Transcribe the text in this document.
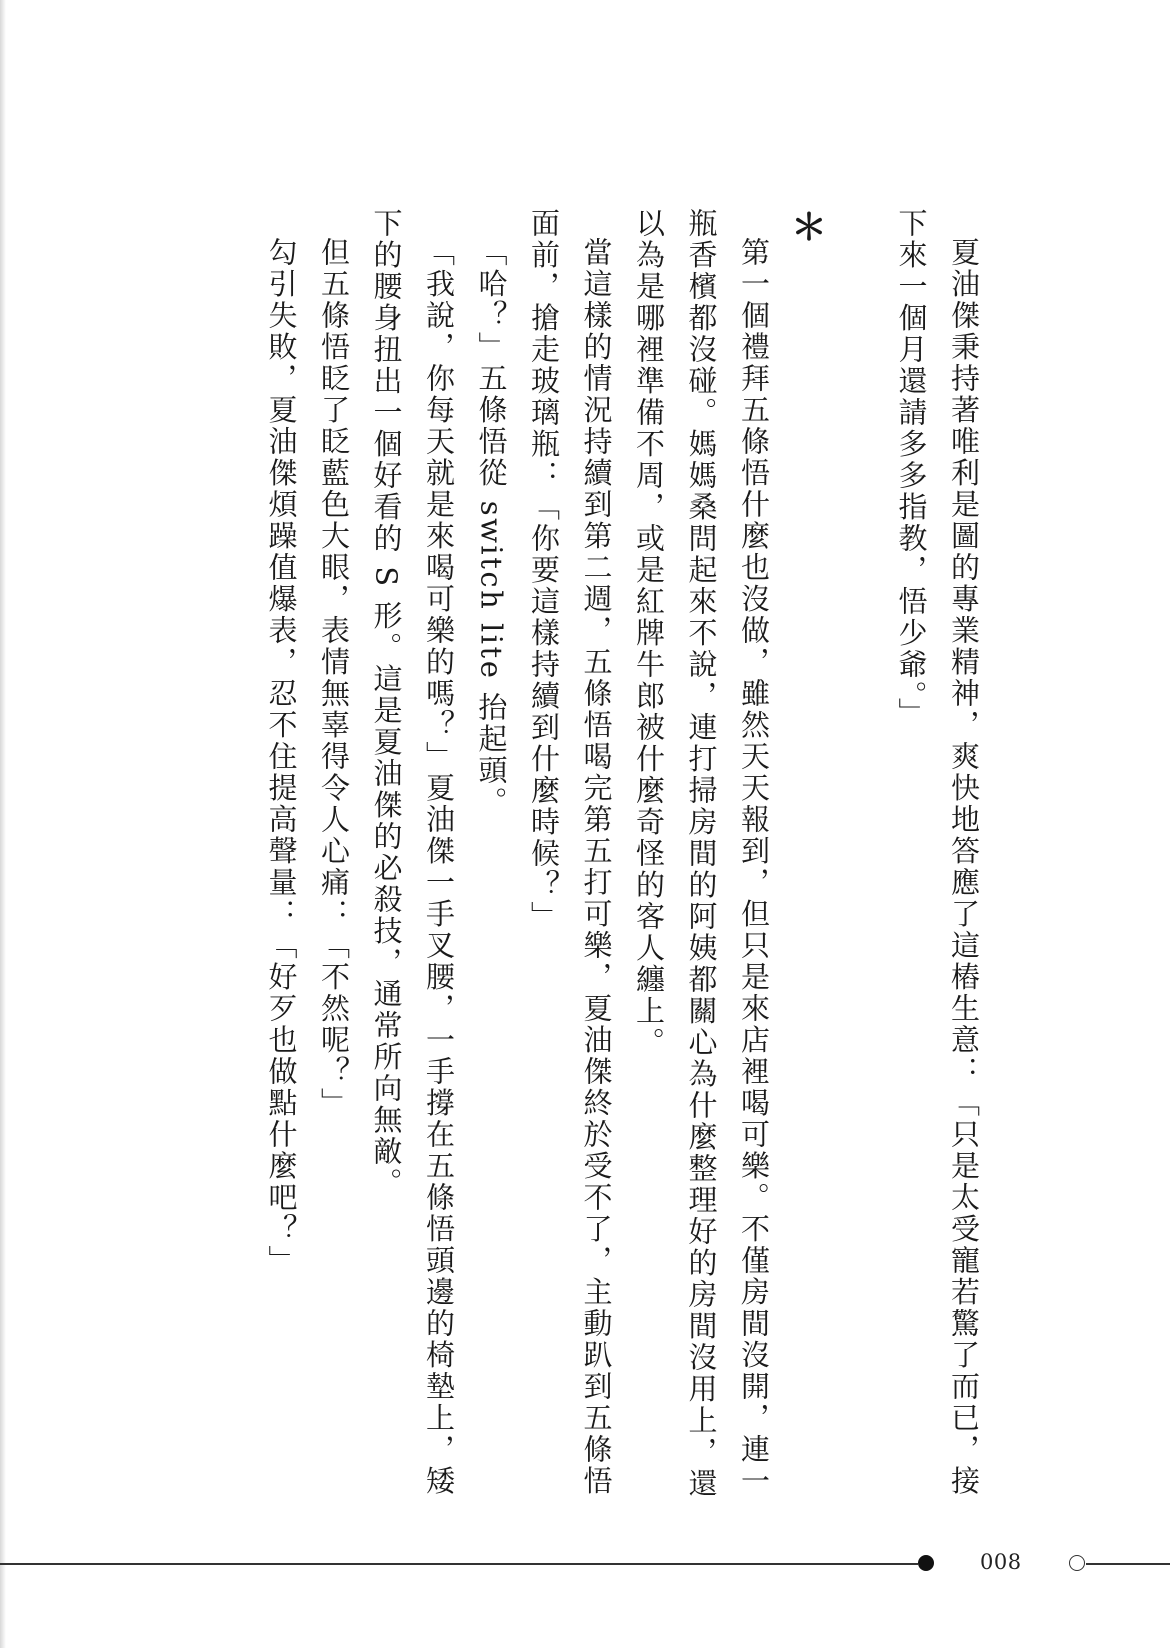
夏油傑秉持著唯利是圖的專業精神，爽快地答應了這樁生意：「只是太受寵若驚了而已，接下來一個月還請多多指教，悟少爺。」

＊

第一個禮拜五條悟什麼也沒做，雖然天天報到，但只是來店裡喝可樂。不僅房間沒開，連一瓶香檳都沒碰。媽媽桑問起來不說，連打掃房間的阿姨都關心為什麼整理好的房間沒用上，還以為是哪裡準備不周，或是紅牌牛郎被什麼奇怪的客人纏上。

當這樣的情況持續到第二週，五條悟喝完第五打可樂，夏油傑終於受不了，主動趴到五條悟面前，搶走玻璃瓶：「你要這樣持續到什麼時候？」

「哈？」五條悟從 switch lite 抬起頭。

「我說，你每天就是來喝可樂的嗎？」夏油傑一手叉腰，一手撐在五條悟頭邊的椅墊上，矮下的腰身扭出一個好看的 S 形。這是夏油傑的必殺技，通常所向無敵。

但五條悟眨了眨藍色大眼，表情無辜得令人心痛：「不然呢？」

勾引失敗，夏油傑煩躁值爆表，忍不住提高聲量：「好歹也做點什麼吧？」

008
